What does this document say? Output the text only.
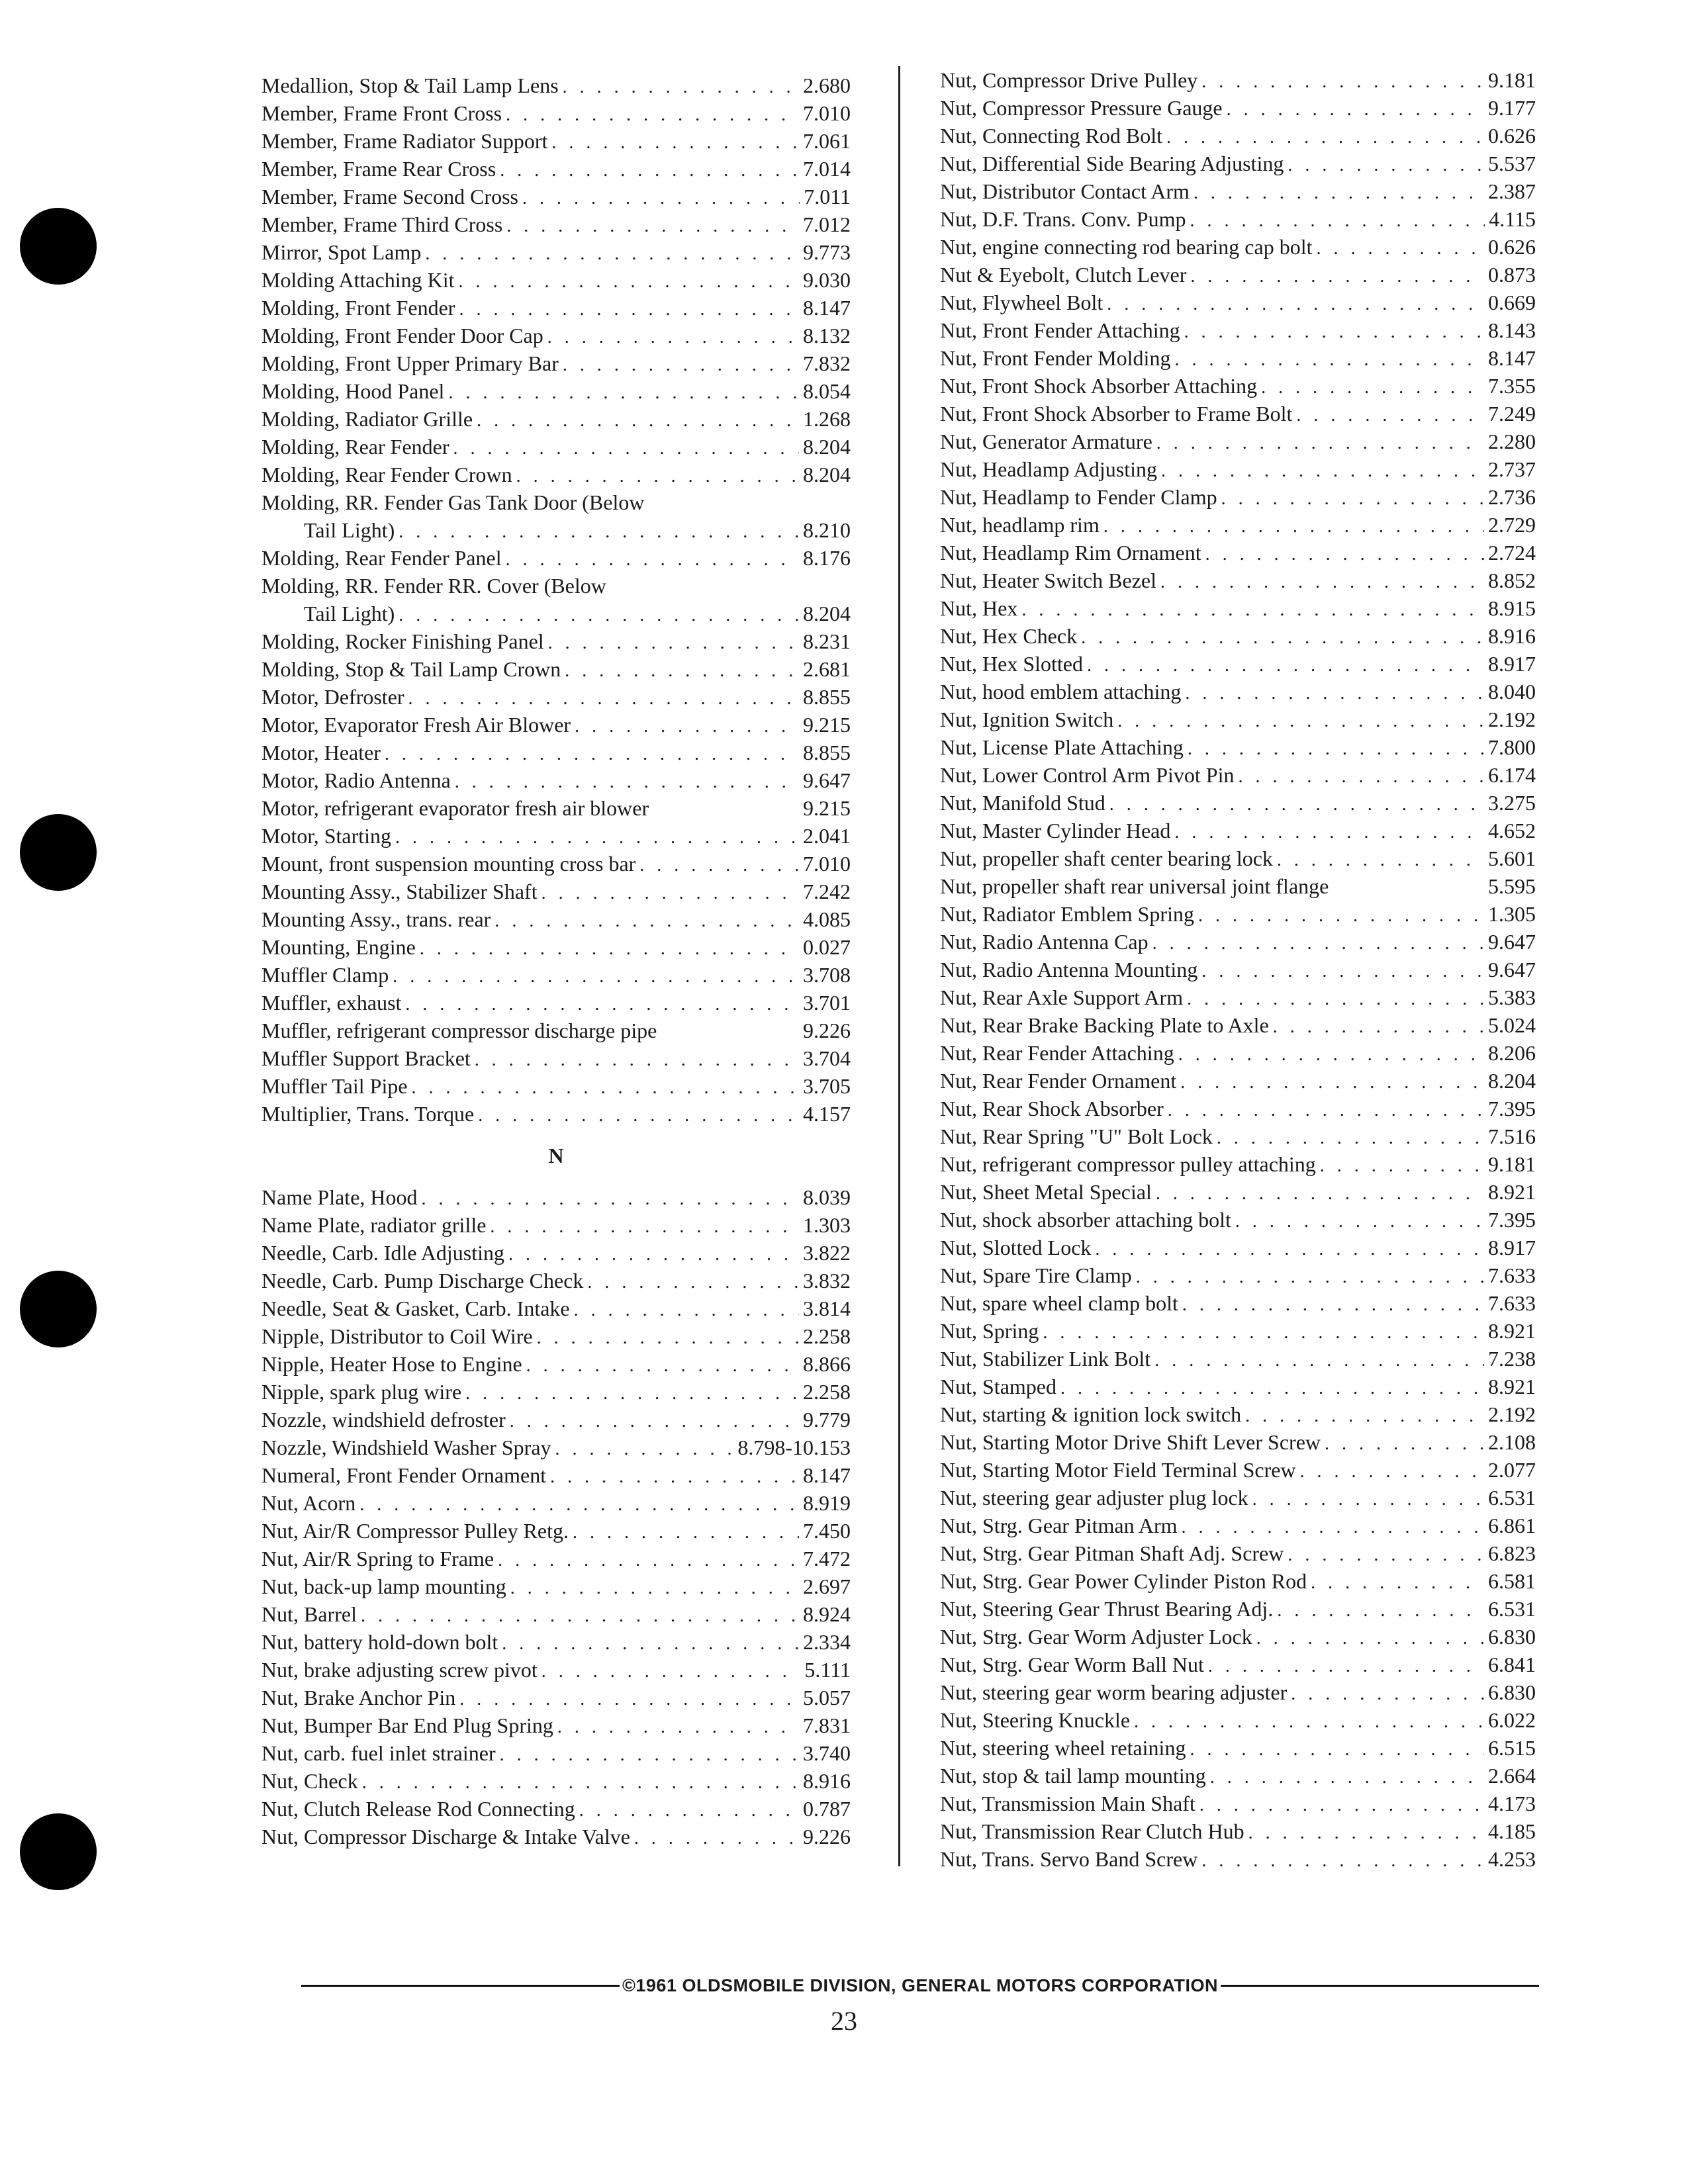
Medallion, Stop & Tail Lamp Lens . . .	2.680
Member, Frame Front Cross . . .	7.010
Member, Frame Radiator Support . . .	7.061
Member, Frame Rear Cross . . .	7.014
Member, Frame Second Cross . . .	7.011
Member, Frame Third Cross . . .	7.012
Mirror, Spot Lamp . . .	9.773
Molding Attaching Kit . . .	9.030
Molding, Front Fender . . .	8.147
Molding, Front Fender Door Cap . . .	8.132
Molding, Front Upper Primary Bar . . .	7.832
Molding, Hood Panel . . .	8.054
Molding, Radiator Grille . . .	1.268
Molding, Rear Fender . . .	8.204
Molding, Rear Fender Crown . . .	8.204
Molding, RR. Fender Gas Tank Door (Below
Tail Light) . . .	8.210
Molding, Rear Fender Panel . . .	8.176
Molding, RR. Fender RR. Cover (Below
Tail Light) . . .	8.204
Molding, Rocker Finishing Panel . . .	8.231
Molding, Stop & Tail Lamp Crown . . .	2.681
Motor, Defroster . . .	8.855
Motor, Evaporator Fresh Air Blower . . .	9.215
Motor, Heater . . .	8.855
Motor, Radio Antenna . . .	9.647
Motor, refrigerant evaporator fresh air blower	9.215
Motor, Starting . . .	2.041
Mount, front suspension mounting cross bar . . .	7.010
Mounting Assy., Stabilizer Shaft . . .	7.242
Mounting Assy., trans. rear . . .	4.085
Mounting, Engine . . .	0.027
Muffler Clamp . . .	3.708
Muffler, exhaust . . .	3.701
Muffler, refrigerant compressor discharge pipe	9.226
Muffler Support Bracket . . .	3.704
Muffler Tail Pipe . . .	3.705
Multiplier, Trans. Torque . . .	4.157
N
Name Plate, Hood . . .	8.039
Name Plate, radiator grille . . .	1.303
Needle, Carb. Idle Adjusting . . .	3.822
Needle, Carb. Pump Discharge Check . . .	3.832
Needle, Seat & Gasket, Carb. Intake . . .	3.814
Nipple, Distributor to Coil Wire . . .	2.258
Nipple, Heater Hose to Engine . . .	8.866
Nipple, spark plug wire . . .	2.258
Nozzle, windshield defroster . . .	9.779
Nozzle, Windshield Washer Spray . . .	8.798-10.153
Numeral, Front Fender Ornament . . .	8.147
Nut, Acorn . . .	8.919
Nut, Air/R Compressor Pulley Retg. . . .	7.450
Nut, Air/R Spring to Frame . . .	7.472
Nut, back-up lamp mounting . . .	2.697
Nut, Barrel . . .	8.924
Nut, battery hold-down bolt . . .	2.334
Nut, brake adjusting screw pivot . . .	5.111
Nut, Brake Anchor Pin . . .	5.057
Nut, Bumper Bar End Plug Spring . . .	7.831
Nut, carb. fuel inlet strainer . . .	3.740
Nut, Check . . .	8.916
Nut, Clutch Release Rod Connecting . . .	0.787
Nut, Compressor Discharge & Intake Valve . . .	9.226
Nut, Compressor Drive Pulley . . .	9.181
Nut, Compressor Pressure Gauge . . .	9.177
Nut, Connecting Rod Bolt . . .	0.626
Nut, Differential Side Bearing Adjusting . . .	5.537
Nut, Distributor Contact Arm . . .	2.387
Nut, D.F. Trans. Conv. Pump . . .	4.115
Nut, engine connecting rod bearing cap bolt . . .	0.626
Nut & Eyebolt, Clutch Lever . . .	0.873
Nut, Flywheel Bolt . . .	0.669
Nut, Front Fender Attaching . . .	8.143
Nut, Front Fender Molding . . .	8.147
Nut, Front Shock Absorber Attaching . . .	7.355
Nut, Front Shock Absorber to Frame Bolt . . .	7.249
Nut, Generator Armature . . .	2.280
Nut, Headlamp Adjusting . . .	2.737
Nut, Headlamp to Fender Clamp . . .	2.736
Nut, headlamp rim . . .	2.729
Nut, Headlamp Rim Ornament . . .	2.724
Nut, Heater Switch Bezel . . .	8.852
Nut, Hex . . .	8.915
Nut, Hex Check . . .	8.916
Nut, Hex Slotted . . .	8.917
Nut, hood emblem attaching . . .	8.040
Nut, Ignition Switch . . .	2.192
Nut, License Plate Attaching . . .	7.800
Nut, Lower Control Arm Pivot Pin . . .	6.174
Nut, Manifold Stud . . .	3.275
Nut, Master Cylinder Head . . .	4.652
Nut, propeller shaft center bearing lock . . .	5.601
Nut, propeller shaft rear universal joint flange	5.595
Nut, Radiator Emblem Spring . . .	1.305
Nut, Radio Antenna Cap . . .	9.647
Nut, Radio Antenna Mounting . . .	9.647
Nut, Rear Axle Support Arm . . .	5.383
Nut, Rear Brake Backing Plate to Axle . . .	5.024
Nut, Rear Fender Attaching . . .	8.206
Nut, Rear Fender Ornament . . .	8.204
Nut, Rear Shock Absorber . . .	7.395
Nut, Rear Spring "U" Bolt Lock . . .	7.516
Nut, refrigerant compressor pulley attaching . . .	9.181
Nut, Sheet Metal Special . . .	8.921
Nut, shock absorber attaching bolt . . .	7.395
Nut, Slotted Lock . . .	8.917
Nut, Spare Tire Clamp . . .	7.633
Nut, spare wheel clamp bolt . . .	7.633
Nut, Spring . . .	8.921
Nut, Stabilizer Link Bolt . . .	7.238
Nut, Stamped . . .	8.921
Nut, starting & ignition lock switch . . .	2.192
Nut, Starting Motor Drive Shift Lever Screw . . .	2.108
Nut, Starting Motor Field Terminal Screw . . .	2.077
Nut, steering gear adjuster plug lock . . .	6.531
Nut, Strg. Gear Pitman Arm . . .	6.861
Nut, Strg. Gear Pitman Shaft Adj. Screw . . .	6.823
Nut, Strg. Gear Power Cylinder Piston Rod . . .	6.581
Nut, Steering Gear Thrust Bearing Adj. . . .	6.531
Nut, Strg. Gear Worm Adjuster Lock . . .	6.830
Nut, Strg. Gear Worm Ball Nut . . .	6.841
Nut, steering gear worm bearing adjuster . . .	6.830
Nut, Steering Knuckle . . .	6.022
Nut, steering wheel retaining . . .	6.515
Nut, stop & tail lamp mounting . . .	2.664
Nut, Transmission Main Shaft . . .	4.173
Nut, Transmission Rear Clutch Hub . . .	4.185
Nut, Trans. Servo Band Screw . . .	4.253
©1961 OLDSMOBILE DIVISION, GENERAL MOTORS CORPORATION
23
